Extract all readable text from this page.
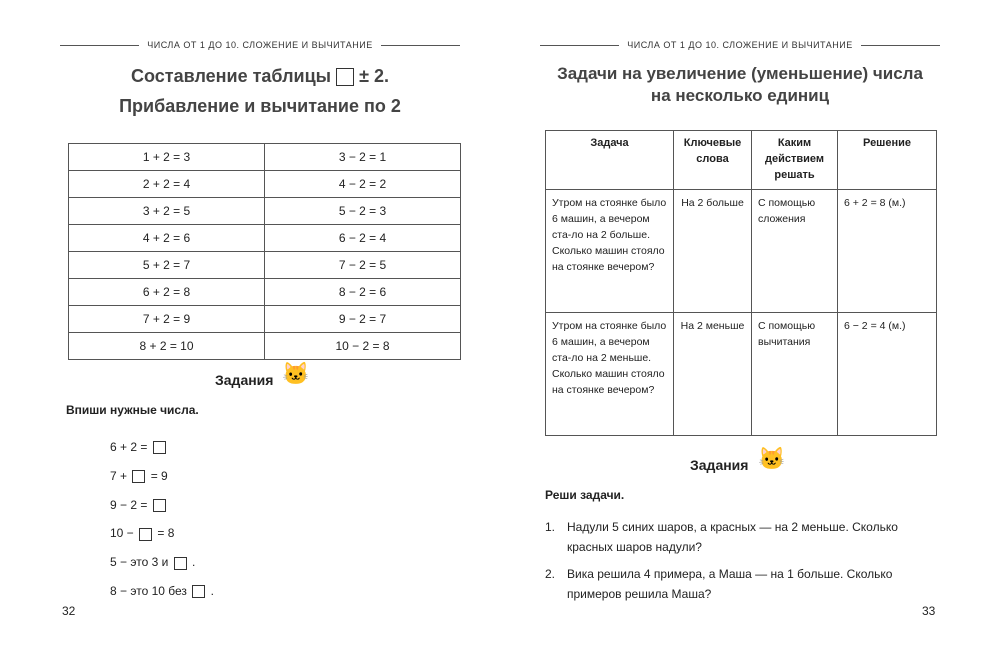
ЧИСЛА ОТ 1 ДО 10. СЛОЖЕНИЕ И ВЫЧИТАНИЕ
Составление таблицы ± 2.
Прибавление и вычитание по 2
1 + 2 = 3	3 − 2 = 1
2 + 2 = 4	4 − 2 = 2
3 + 2 = 5	5 − 2 = 3
4 + 2 = 6	6 − 2 = 4
5 + 2 = 7	7 − 2 = 5
6 + 2 = 8	8 − 2 = 6
7 + 2 = 9	9 − 2 = 7
8 + 2 = 10	10 − 2 = 8
Задания 🐱
Впиши нужные числа.
6 + 2 =
7 + = 9
9 − 2 =
10 − = 8
5 − это 3 и .
8 − это 10 без .
32
ЧИСЛА ОТ 1 ДО 10. СЛОЖЕНИЕ И ВЫЧИТАНИЕ
Задачи на увеличение (уменьшение) числа
на несколько единиц
Задача	Ключевые слова	Каким действием решать	Решение
Утром на стоянке было 6 машин, а вечером ста-ло на 2 больше. Сколько машин стояло на стоянке вечером?	На 2 больше	С помощью сложения	6 + 2 = 8 (м.)
Утром на стоянке было 6 машин, а вечером ста-ло на 2 меньше. Сколько машин стояло на стоянке вечером?	На 2 меньше	С помощью вычитания	6 − 2 = 4 (м.)
Задания 🐱
Реши задачи.
1. Надули 5 синих шаров, а красных — на 2 меньше. Сколько красных шаров надули?
2. Вика решила 4 примера, а Маша — на 1 больше. Сколько примеров решила Маша?
33
